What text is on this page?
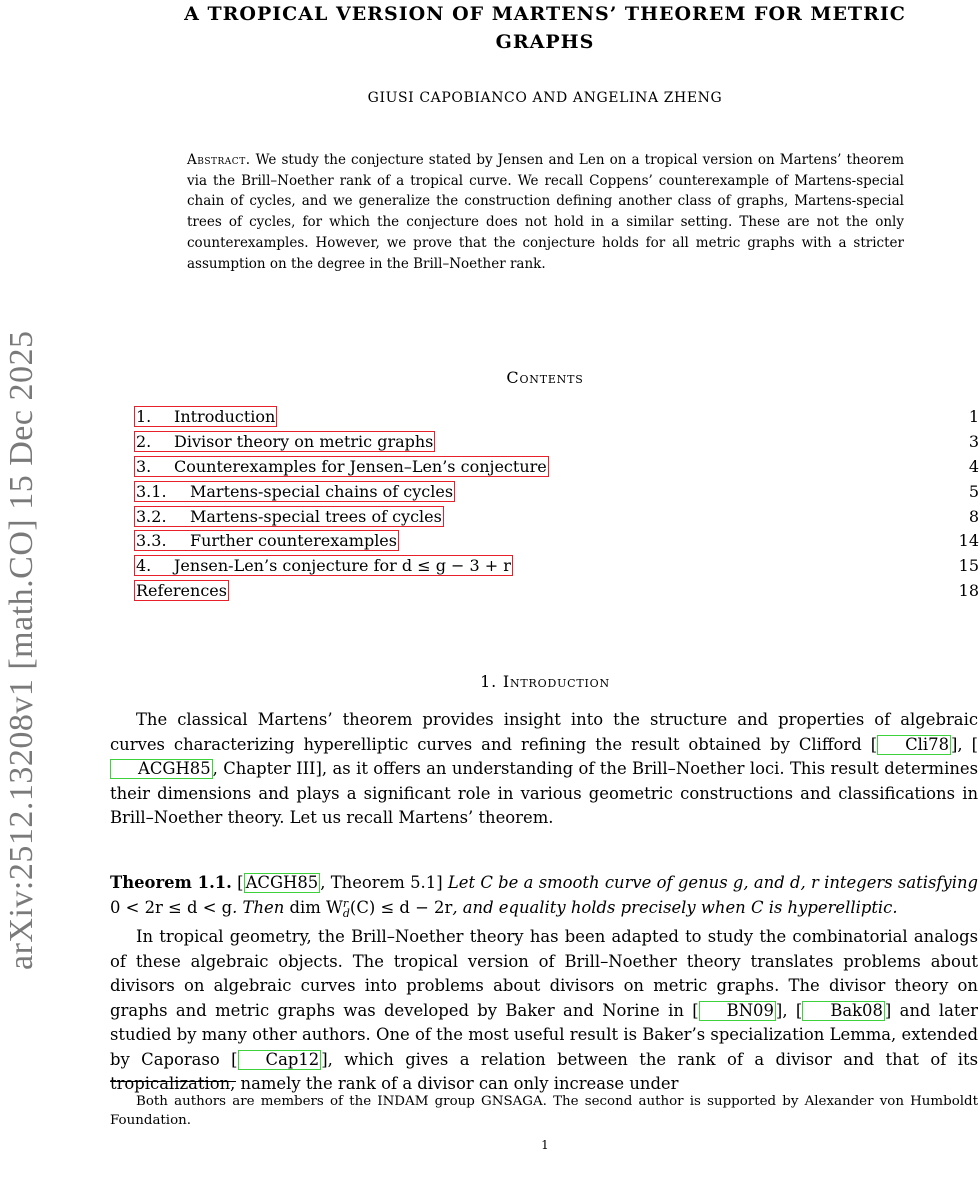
arXiv:2512.13208v1 [math.CO] 15 Dec 2025
A TROPICAL VERSION OF MARTENS’ THEOREM FOR METRIC GRAPHS
GIUSI CAPOBIANCO AND ANGELINA ZHENG
Abstract. We study the conjecture stated by Jensen and Len on a tropical version on Martens’ theorem via the Brill–Noether rank of a tropical curve. We recall Coppens’ counterexample of Martens-special chain of cycles, and we generalize the construction defining another class of graphs, Martens-special trees of cycles, for which the conjecture does not hold in a similar setting. These are not the only counterexamples. However, we prove that the conjecture holds for all metric graphs with a stricter assumption on the degree in the Brill–Noether rank.
Contents
1. Introduction	1
2. Divisor theory on metric graphs	3
3. Counterexamples for Jensen–Len’s conjecture	4
3.1. Martens-special chains of cycles	5
3.2. Martens-special trees of cycles	8
3.3. Further counterexamples	14
4. Jensen-Len’s conjecture for d ≤ g − 3 + r	15
References	18
1. Introduction
The classical Martens’ theorem provides insight into the structure and properties of algebraic curves characterizing hyperelliptic curves and refining the result obtained by Clifford [ Cli78 ], [ACGH85 , Chapter III], as it offers an understanding of the Brill–Noether loci. This result determines their dimensions and plays a significant role in various geometric constructions and classifications in Brill–Noether theory. Let us recall Martens’ theorem.
Theorem 1.1. [ ACGH85 , Theorem 5.1] Let C be a smooth curve of genus g, and d, r integers satisfying 0 < 2r ≤ d < g. Then dim W r
d (C) ≤ d − 2r, and equality holds precisely when C is hyperelliptic.
In tropical geometry, the Brill–Noether theory has been adapted to study the combinatorial analogs of these algebraic objects. The tropical version of Brill–Noether theory translates problems about divisors on algebraic curves into problems about divisors on metric graphs. The divisor theory on graphs and metric graphs was developed by Baker and Norine in [ BN09 ], [ Bak08 ] and later studied by many other authors. One of the most useful result is Baker’s specialization Lemma, extended by Caporaso [ Cap12 ], which gives a relation between the rank of a divisor and that of its tropicalization, namely the rank of a divisor can only increase under
Both authors are members of the INDAM group GNSAGA. The second author is supported by Alexander von Humboldt Foundation.
1
